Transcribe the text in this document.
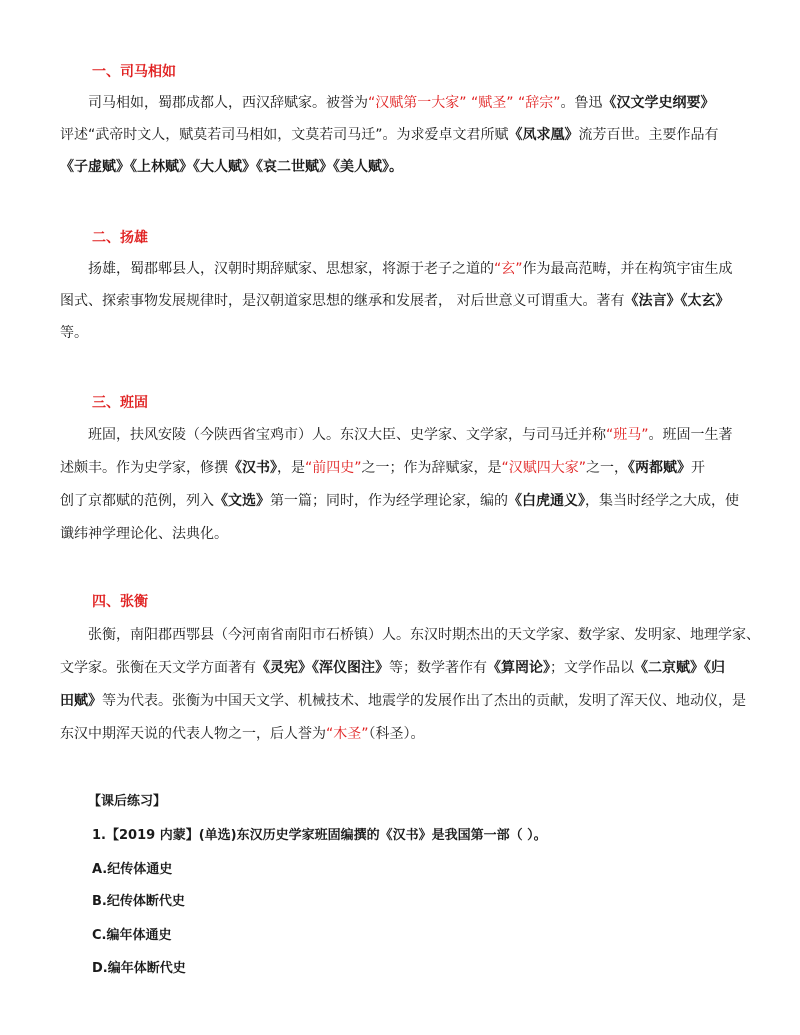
一、司马相如
司马相如，蜀郡成都人，西汉辞赋家。被誉为“汉赋第一大家” “赋圣” “辞宗”。鲁迅《汉文学史纲要》
评述“武帝时文人，赋莫若司马相如，文莫若司马迁”。为求爱卓文君所赋《凤求凰》流芳百世。主要作品有
《子虚赋》《上林赋》《大人赋》《哀二世赋》《美人赋》。
二、扬雄
扬雄，蜀郡郫县人，汉朝时期辞赋家、思想家，将源于老子之道的“玄”作为最高范畴，并在构筑宇宙生成
图式、探索事物发展规律时，是汉朝道家思想的继承和发展者， 对后世意义可谓重大。著有《法言》《太玄》
等。
三、班固
班固，扶风安陵（今陕西省宝鸡市）人。东汉大臣、史学家、文学家，与司马迁并称“班马”。班固一生著
述颇丰。作为史学家，修撰《汉书》，是“前四史”之一；作为辞赋家，是“汉赋四大家”之一，《两都赋》开
创了京都赋的范例，列入《文选》第一篇；同时，作为经学理论家，编的《白虎通义》，集当时经学之大成，使
谶纬神学理论化、法典化。
四、张衡
张衡，南阳郡西鄂县（今河南省南阳市石桥镇）人。东汉时期杰出的天文学家、数学家、发明家、地理学家、
文学家。张衡在天文学方面著有《灵宪》《浑仪图注》等；数学著作有《算罔论》；文学作品以《二京赋》《归
田赋》等为代表。张衡为中国天文学、机械技术、地震学的发展作出了杰出的贡献，发明了浑天仪、地动仪，是
东汉中期浑天说的代表人物之一，后人誉为“木圣”（科圣）。
【课后练习】
1.【2019 内蒙】(单选)东汉历史学家班固编撰的《汉书》是我国第一部（ ）。
A.纪传体通史
B.纪传体断代史
C.编年体通史
D.编年体断代史
